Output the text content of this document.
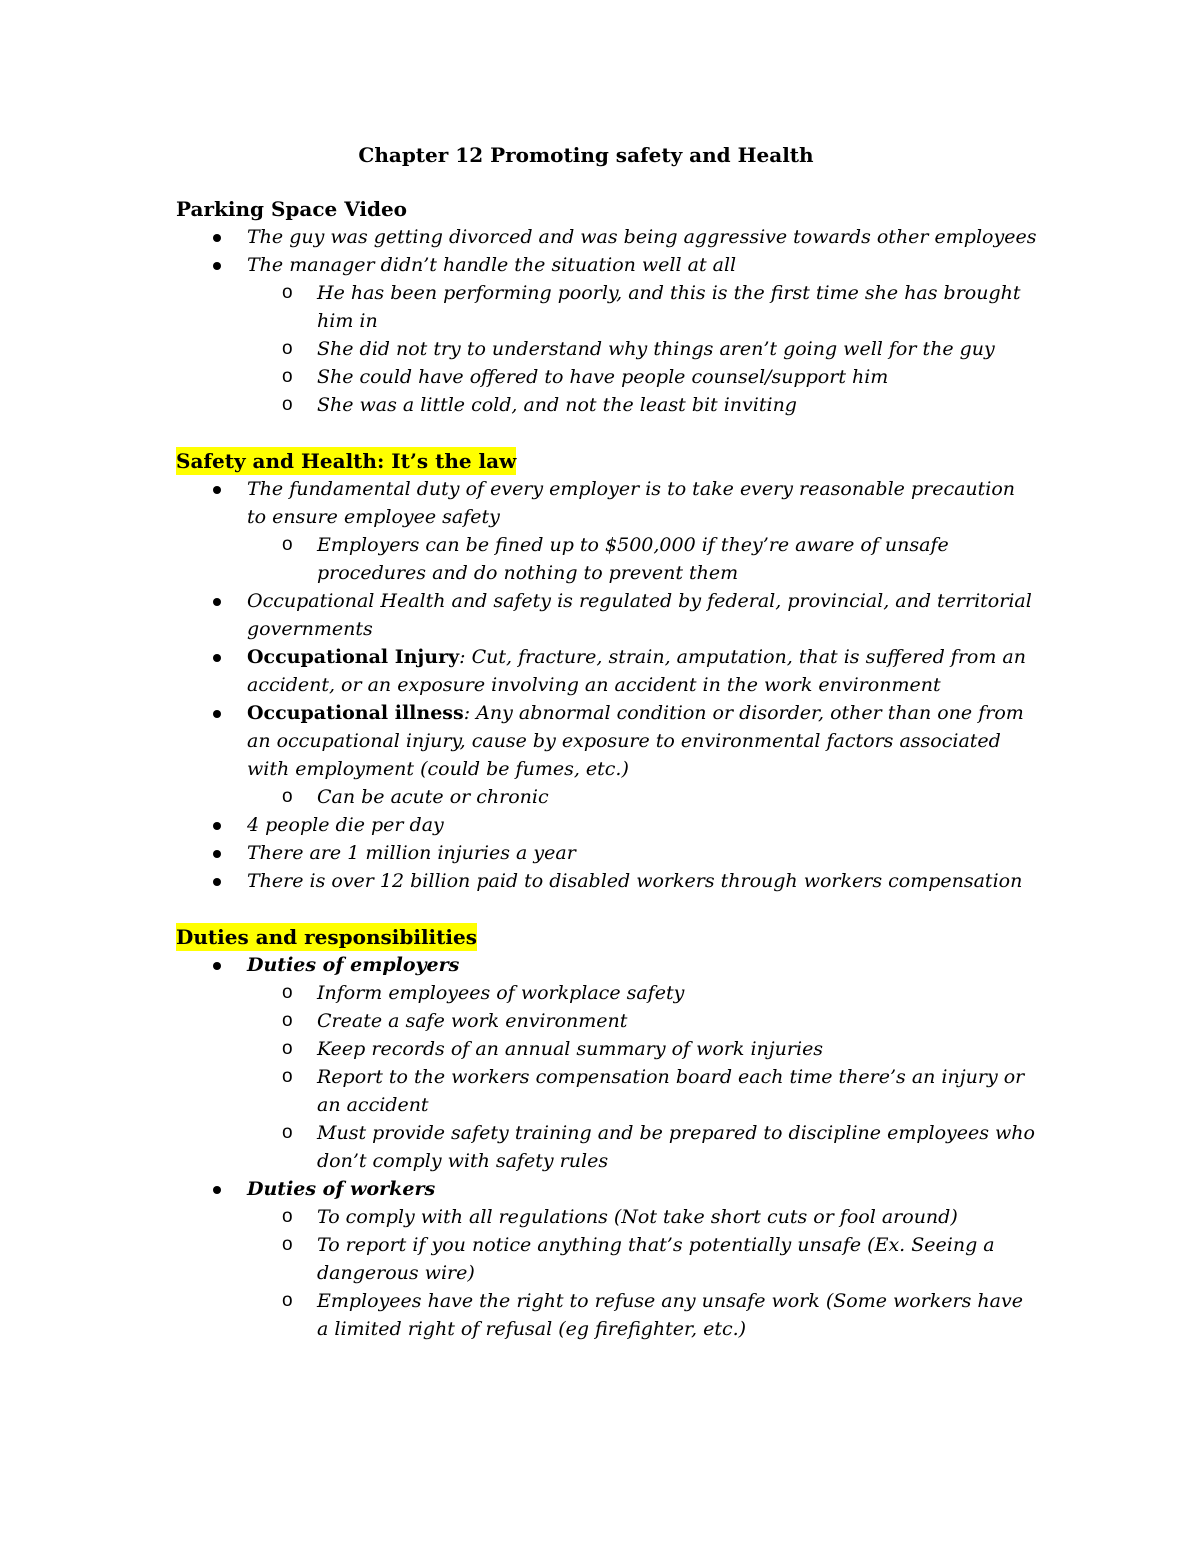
Chapter 12 Promoting safety and Health
Parking Space Video
The guy was getting divorced and was being aggressive towards other employees
The manager didn’t handle the situation well at all
o He has been performing poorly, and this is the first time she has brought him in
o She did not try to understand why things aren’t going well for the guy
o She could have offered to have people counsel/support him
o She was a little cold, and not the least bit inviting
Safety and Health: It’s the law
The fundamental duty of every employer is to take every reasonable precaution to ensure employee safety
o Employers can be fined up to $500,000 if they’re aware of unsafe procedures and do nothing to prevent them
Occupational Health and safety is regulated by federal, provincial, and territorial governments
Occupational Injury: Cut, fracture, strain, amputation, that is suffered from an accident, or an exposure involving an accident in the work environment
Occupational illness: Any abnormal condition or disorder, other than one from an occupational injury, cause by exposure to environmental factors associated with employment (could be fumes, etc.)
o Can be acute or chronic
4 people die per day
There are 1 million injuries a year
There is over 12 billion paid to disabled workers through workers compensation
Duties and responsibilities
Duties of employers
o Inform employees of workplace safety
o Create a safe work environment
o Keep records of an annual summary of work injuries
o Report to the workers compensation board each time there’s an injury or an accident
o Must provide safety training and be prepared to discipline employees who don’t comply with safety rules
Duties of workers
o To comply with all regulations (Not take short cuts or fool around)
o To report if you notice anything that’s potentially unsafe (Ex. Seeing a dangerous wire)
o Employees have the right to refuse any unsafe work (Some workers have a limited right of refusal (eg firefighter, etc.)
